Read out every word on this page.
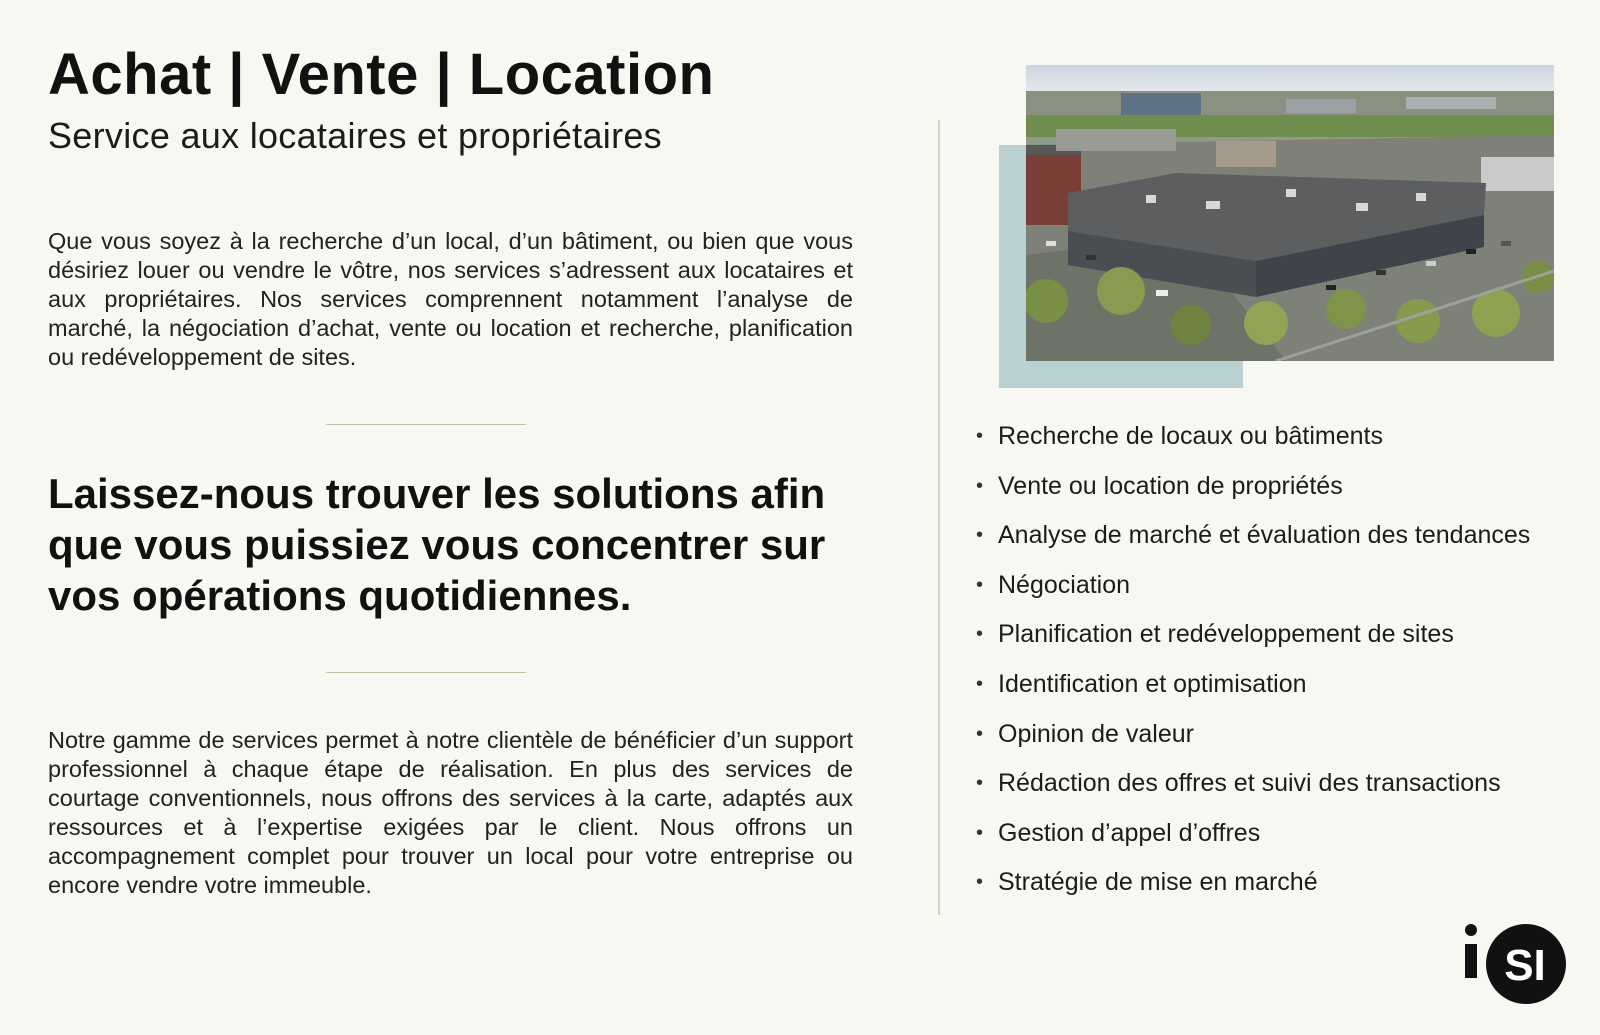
Achat | Vente | Location
Service aux locataires et propriétaires

Que vous soyez à la recherche d’un local, d’un bâtiment, ou bien que vous désiriez louer ou vendre le vôtre, nos services s’adressent aux locataires et aux propriétaires. Nos services comprennent notamment l’analyse de marché, la négociation d’achat, vente ou location et recherche, planification ou redéveloppement de sites.

Laissez-nous trouver les solutions afin que vous puissiez vous concentrer sur vos opérations quotidiennes.

Notre gamme de services permet à notre clientèle de bénéficier d’un support professionnel à chaque étape de réalisation. En plus des services de courtage conventionnels, nous offrons des services à la carte, adaptés aux ressources et à l’expertise exigées par le client. Nous offrons un accompagnement complet pour trouver un local pour votre entreprise ou encore vendre votre immeuble.

• Recherche de locaux ou bâtiments
• Vente ou location de propriétés
• Analyse de marché et évaluation des tendances
• Négociation
• Planification et redéveloppement de sites
• Identification et optimisation
• Opinion de valeur
• Rédaction des offres et suivi des transactions
• Gestion d’appel d’offres
• Stratégie de mise en marché
SI
